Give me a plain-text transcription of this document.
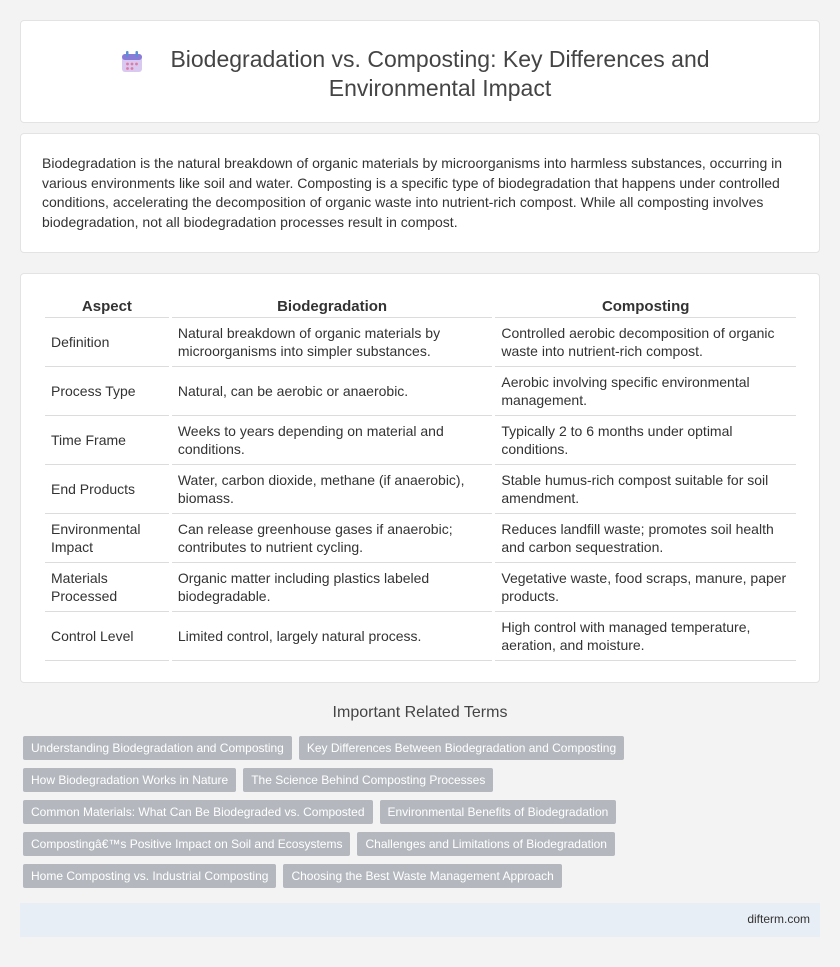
Biodegradation vs. Composting: Key Differences and Environmental Impact

Biodegradation is the natural breakdown of organic materials by microorganisms into harmless substances, occurring in various environments like soil and water. Composting is a specific type of biodegradation that happens under controlled conditions, accelerating the decomposition of organic waste into nutrient-rich compost. While all composting involves biodegradation, not all biodegradation processes result in compost.

Aspect	Biodegradation	Composting
Definition	Natural breakdown of organic materials by microorganisms into simpler substances.	Controlled aerobic decomposition of organic waste into nutrient-rich compost.
Process Type	Natural, can be aerobic or anaerobic.	Aerobic involving specific environmental management.
Time Frame	Weeks to years depending on material and conditions.	Typically 2 to 6 months under optimal conditions.
End Products	Water, carbon dioxide, methane (if anaerobic), biomass.	Stable humus-rich compost suitable for soil amendment.
Environmental Impact	Can release greenhouse gases if anaerobic; contributes to nutrient cycling.	Reduces landfill waste; promotes soil health and carbon sequestration.
Materials Processed	Organic matter including plastics labeled biodegradable.	Vegetative waste, food scraps, manure, paper products.
Control Level	Limited control, largely natural process.	High control with managed temperature, aeration, and moisture.
Important Related Terms
Understanding Biodegradation and Composting	Key Differences Between Biodegradation and Composting
How Biodegradation Works in Nature	The Science Behind Composting Processes
Common Materials: What Can Be Biodegraded vs. Composted	Environmental Benefits of Biodegradation
Compostingâ€™s Positive Impact on Soil and Ecosystems	Challenges and Limitations of Biodegradation
Home Composting vs. Industrial Composting	Choosing the Best Waste Management Approach
difterm.com
